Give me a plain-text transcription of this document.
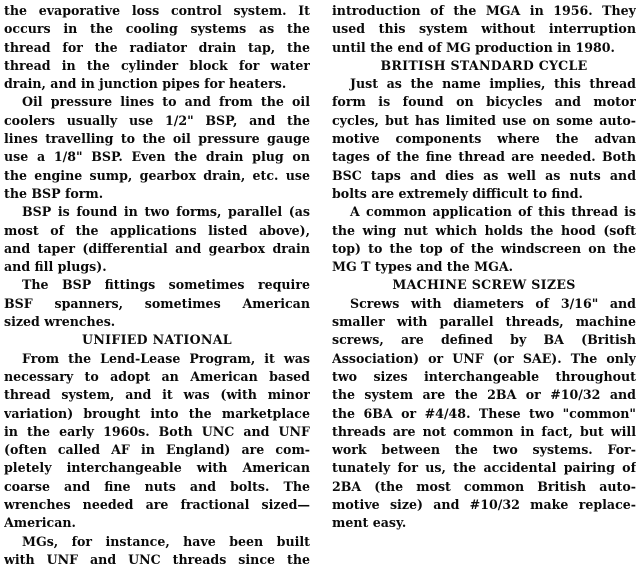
the evaporative loss control system. It
occurs in the cooling systems as the
thread for the radiator drain tap, the
thread in the cylinder block for water
drain, and in junction pipes for heaters.
Oil pressure lines to and from the oil
coolers usually use 1/2" BSP, and the
lines travelling to the oil pressure gauge
use a 1/8" BSP. Even the drain plug on
the engine sump, gearbox drain, etc. use
the BSP form.
BSP is found in two forms, parallel (as
most of the applications listed above),
and taper (differential and gearbox drain
and fill plugs).
The BSP fittings sometimes require
BSF spanners, sometimes American
sized wrenches.
UNIFIED NATIONAL
From the Lend-Lease Program, it was
necessary to adopt an American based
thread system, and it was (with minor
variation) brought into the marketplace
in the early 1960s. Both UNC and UNF
(often called AF in England) are com-
pletely interchangeable with American
coarse and fine nuts and bolts. The
wrenches needed are fractional sized—
American.
MGs, for instance, have been built
with UNF and UNC threads since the
introduction of the MGA in 1956. They
used this system without interruption
until the end of MG production in 1980.
BRITISH STANDARD CYCLE
Just as the name implies, this thread
form is found on bicycles and motor
cycles, but has limited use on some auto-
motive components where the advan
tages of the fine thread are needed. Both
BSC taps and dies as well as nuts and
bolts are extremely difficult to find.
A common application of this thread is
the wing nut which holds the hood (soft
top) to the top of the windscreen on the
MG T types and the MGA.
MACHINE SCREW SIZES
Screws with diameters of 3/16" and
smaller with parallel threads, machine
screws, are defined by BA (British
Association) or UNF (or SAE). The only
two sizes interchangeable throughout
the system are the 2BA or #10/32 and
the 6BA or #4/48. These two "common"
threads are not common in fact, but will
work between the two systems. For-
tunately for us, the accidental pairing of
2BA (the most common British auto-
motive size) and #10/32 make replace-
ment easy.
